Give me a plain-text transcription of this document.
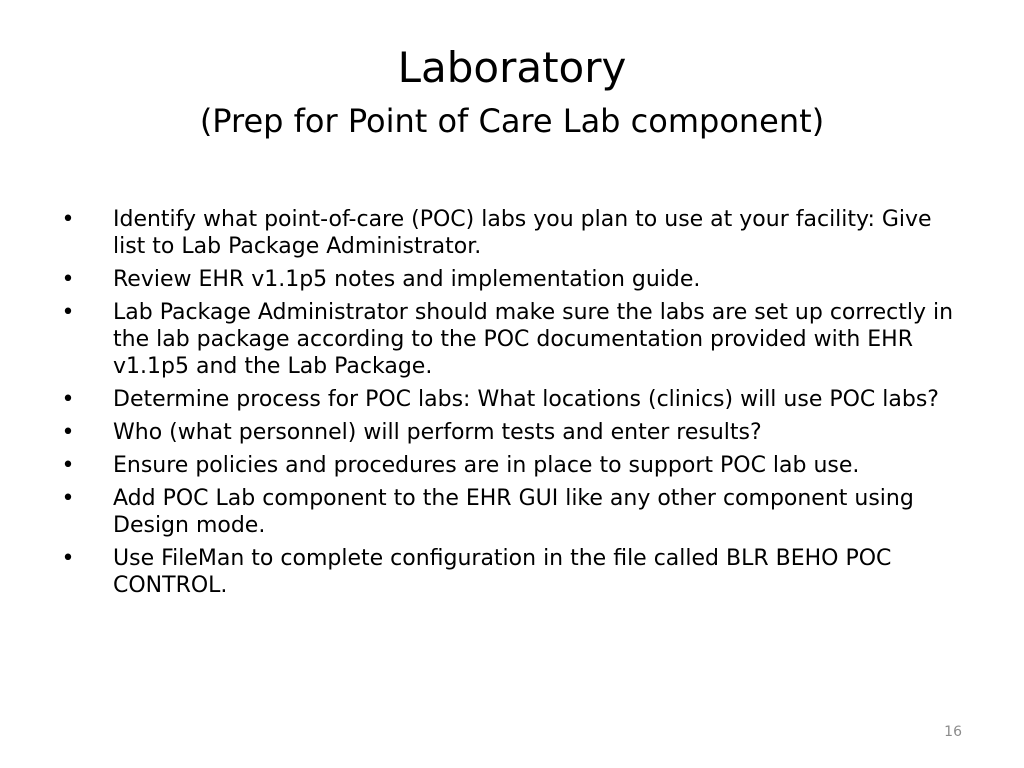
Laboratory
(Prep for Point of Care Lab component)
• Identify what point-of-care (POC) labs you plan to use at your facility: Give list to Lab Package Administrator.
• Review EHR v1.1p5 notes and implementation guide.
• Lab Package Administrator should make sure the labs are set up correctly in the lab package according to the POC documentation provided with EHR v1.1p5 and the Lab Package.
• Determine process for POC labs: What locations (clinics) will use POC labs?
• Who (what personnel) will perform tests and enter results?
• Ensure policies and procedures are in place to support POC lab use.
• Add POC Lab component to the EHR GUI like any other component using Design mode.
• Use FileMan to complete configuration in the file called BLR BEHO POC CONTROL.
16
